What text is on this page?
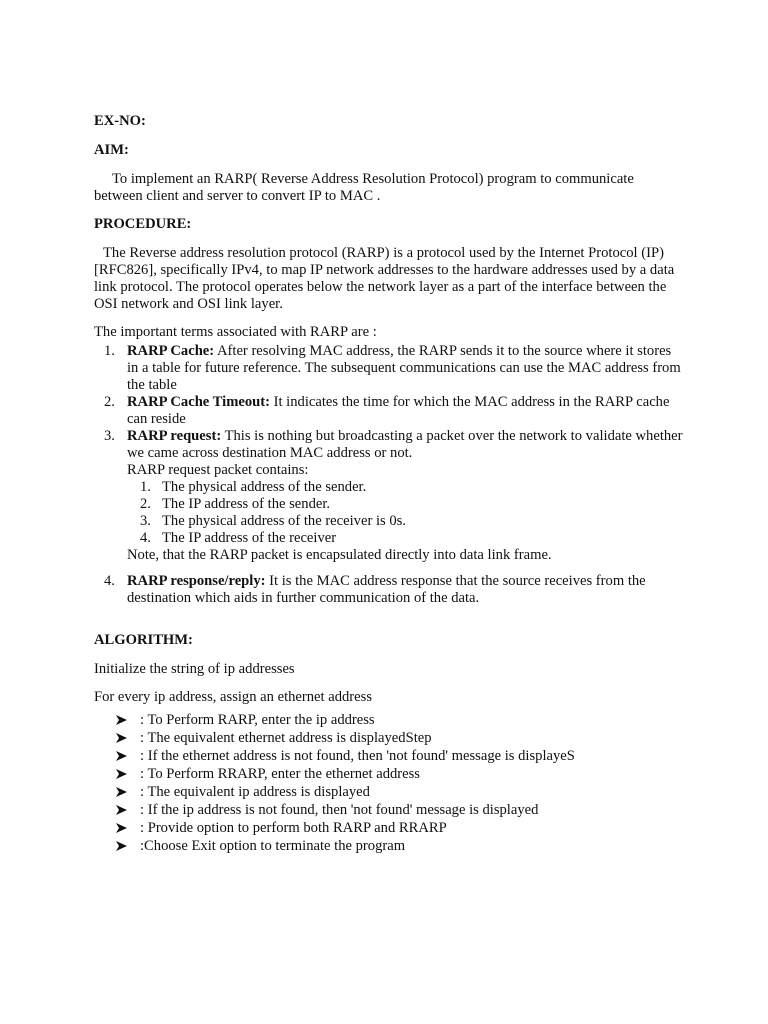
EX-NO:
AIM:
To implement an RARP( Reverse Address Resolution Protocol) program to communicate between client and server to convert IP to MAC .
PROCEDURE:
The Reverse address resolution protocol (RARP) is a protocol used by the Internet Protocol (IP) [RFC826], specifically IPv4, to map IP network addresses to the hardware addresses used by a data link protocol. The protocol operates below the network layer as a part of the interface between the OSI network and OSI link layer.
The important terms associated with RARP are :
1. RARP Cache: After resolving MAC address, the RARP sends it to the source where it stores in a table for future reference. The subsequent communications can use the MAC address from the table
2. RARP Cache Timeout: It indicates the time for which the MAC address in the RARP cache can reside
3. RARP request: This is nothing but broadcasting a packet over the network to validate whether we came across destination MAC address or not.
RARP request packet contains:
1. The physical address of the sender.
2. The IP address of the sender.
3. The physical address of the receiver is 0s.
4. The IP address of the receiver
Note, that the RARP packet is encapsulated directly into data link frame.
4. RARP response/reply: It is the MAC address response that the source receives from the destination which aids in further communication of the data.
ALGORITHM:
Initialize the string of ip addresses
For every ip address, assign an ethernet address
: To Perform RARP, enter the ip address
: The equivalent ethernet address is displayedStep
: If the ethernet address is not found, then 'not found' message is displayeS
: To Perform RRARP, enter the ethernet address
: The equivalent ip address is displayed
: If the ip address is not found, then 'not found' message is displayed
: Provide option to perform both RARP and RRARP
:Choose Exit option to terminate the program
